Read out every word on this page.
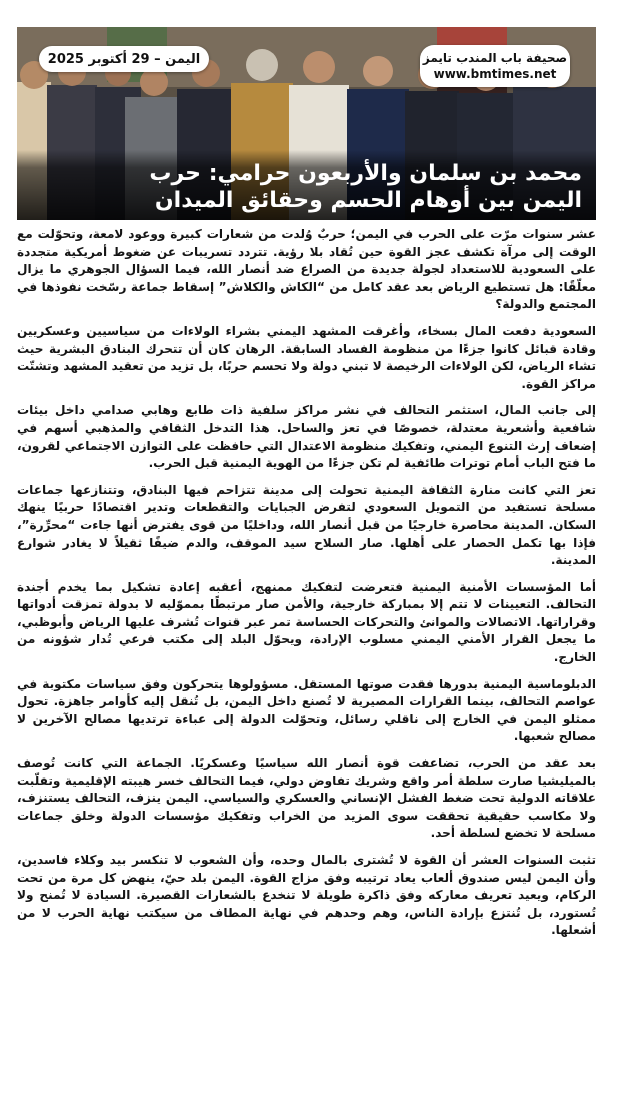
اليمن – 29 أكتوبر 2025	صحيفة باب المندب تايمز
www.bmtimes.net
محمد بن سلمان والأربعون حرامي: حرب
اليمن بين أوهام الحسم وحقائق الميدان

عشر سنوات مرّت على الحرب في اليمن؛ حربٌ وُلدت من شعارات كبيرة ووعود لامعة، وتحوّلت مع الوقت إلى مرآة تكشف عجز القوة حين تُقاد بلا رؤية. تتردد تسريبات عن ضغوط أمريكية متجددة على السعودية للاستعداد لجولة جديدة من الصراع ضد أنصار الله، فيما السؤال الجوهري ما يزال معلّقًا: هل تستطيع الرياض بعد عقد كامل من “الكاش والكلاش” إسقاط جماعة رسّخت نفوذها في المجتمع والدولة؟

السعودية دفعت المال بسخاء، وأغرقت المشهد اليمني بشراء الولاءات من سياسيين وعسكريين وقادة قبائل كانوا جزءًا من منظومة الفساد السابقة. الرهان كان أن تتحرك البنادق البشرية حيث تشاء الرياض، لكن الولاءات الرخيصة لا تبني دولة ولا تحسم حربًا، بل تزيد من تعقيد المشهد وتشتّت مراكز القوة.

إلى جانب المال، استثمر التحالف في نشر مراكز سلفية ذات طابع وهابي صدامي داخل بيئات شافعية وأشعرية معتدلة، خصوصًا في تعز والساحل. هذا التدخل الثقافي والمذهبي أسهم في إضعاف إرث التنوع اليمني، وتفكيك منظومة الاعتدال التي حافظت على التوازن الاجتماعي لقرون، ما فتح الباب أمام توترات طائفية لم تكن جزءًا من الهوية اليمنية قبل الحرب.

تعز التي كانت منارة الثقافة اليمنية تحولت إلى مدينة تتزاحم فيها البنادق، وتتنازعها جماعات مسلحة تستفيد من التمويل السعودي لتفرض الجبايات والتقطعات وتدير اقتصادًا حربيًا ينهك السكان. المدينة محاصرة خارجيًا من قبل أنصار الله، وداخليًا من قوى يفترض أنها جاءت “محرِّرة”، فإذا بها تكمل الحصار على أهلها. صار السلاح سيد الموقف، والدم ضيفًا ثقيلاً لا يغادر شوارع المدينة.

أما المؤسسات الأمنية اليمنية فتعرضت لتفكيك ممنهج، أعقبه إعادة تشكيل بما يخدم أجندة التحالف. التعيينات لا تتم إلا بمباركة خارجية، والأمن صار مرتبطًا بمموّليه لا بدولة تمزقت أدواتها وقراراتها. الاتصالات والموانئ والتحركات الحساسة تمر عبر قنوات تُشرف عليها الرياض وأبوظبي، ما يجعل القرار الأمني اليمني مسلوب الإرادة، ويحوّل البلد إلى مكتب فرعي تُدار شؤونه من الخارج.

الدبلوماسية اليمنية بدورها فقدت صوتها المستقل. مسؤولوها يتحركون وفق سياسات مكتوبة في عواصم التحالف، بينما القرارات المصيرية لا تُصنع داخل اليمن، بل تُنقل إليه كأوامر جاهزة. تحول ممثلو اليمن في الخارج إلى ناقلي رسائل، وتحوّلت الدولة إلى عباءة ترتديها مصالح الآخرين لا مصالح شعبها.

بعد عقد من الحرب، تضاعفت قوة أنصار الله سياسيًا وعسكريًا. الجماعة التي كانت تُوصف بالميليشيا صارت سلطة أمر واقع وشريك تفاوض دولي، فيما التحالف خسر هيبته الإقليمية وتقلّبت علاقاته الدولية تحت ضغط الفشل الإنساني والعسكري والسياسي. اليمن ينزف، التحالف يستنزف، ولا مكاسب حقيقية تحققت سوى المزيد من الخراب وتفكيك مؤسسات الدولة وخلق جماعات مسلحة لا تخضع لسلطة أحد.

تثبت السنوات العشر أن القوة لا تُشترى بالمال وحده، وأن الشعوب لا تنكسر بيد وكلاء فاسدين، وأن اليمن ليس صندوق ألعاب يعاد ترتيبه وفق مزاج القوة. اليمن بلد حيّ، ينهض كل مرة من تحت الركام، ويعيد تعريف معاركه وفق ذاكرة طويلة لا تنخدع بالشعارات القصيرة. السيادة لا تُمنح ولا تُستورد، بل تُنتزع بإرادة الناس، وهم وحدهم في نهاية المطاف من سيكتب نهاية الحرب لا من أشعلها.
